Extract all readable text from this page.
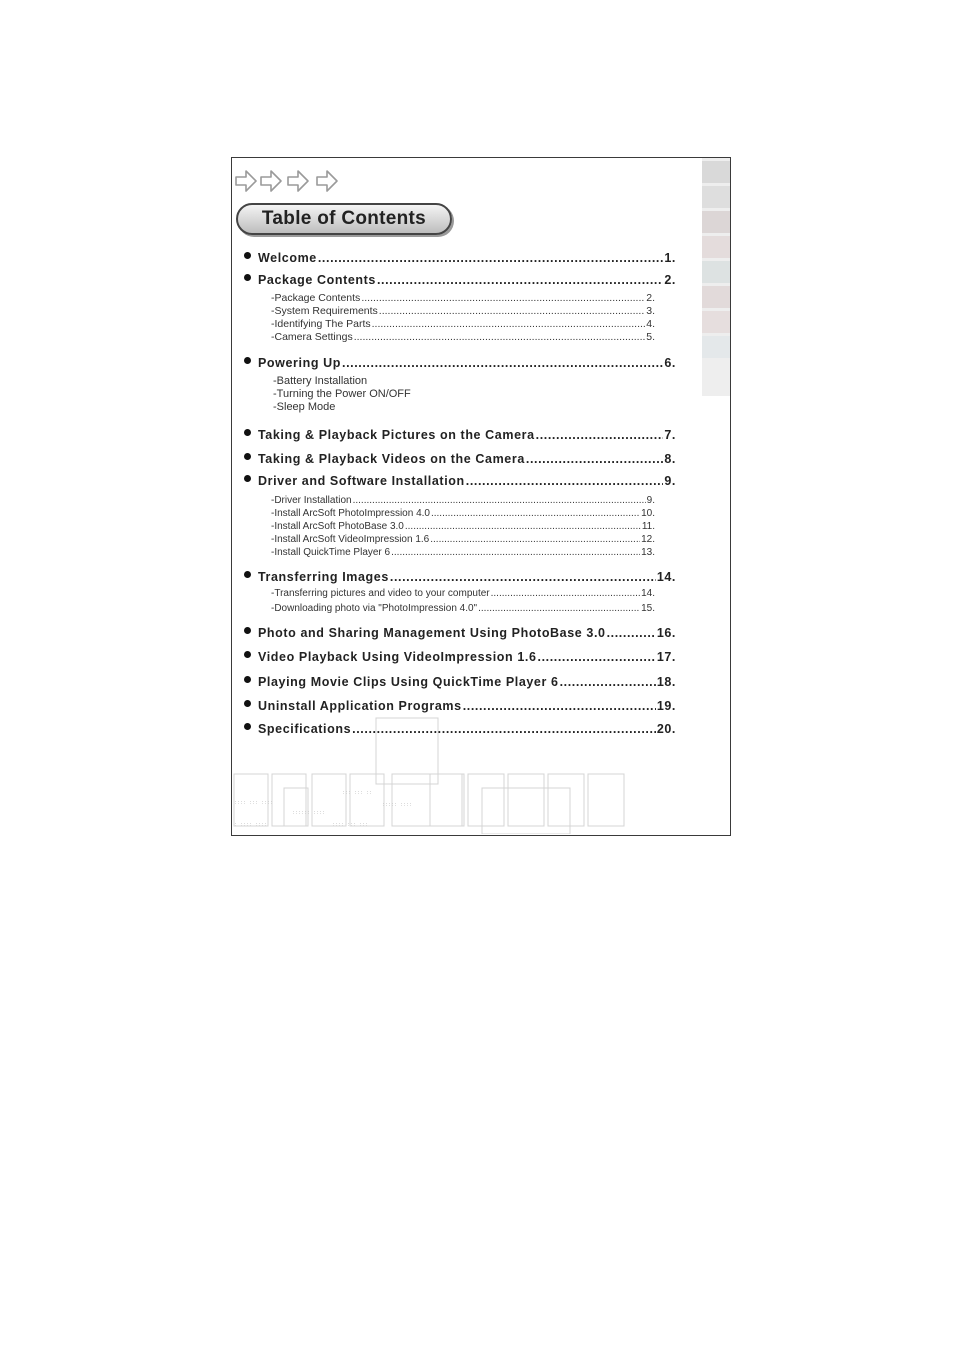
Table of Contents
:::: ::: ::::
: :::: ::::
:::::: ::::
::: ::: ::
::::: ::::
:::: ::: :::
Welcome .....	1.
Package Contents .....	2.
-Package Contents .....	2.
-System Requirements .....	3.
-Identifying The Parts .....	4.
-Camera Settings .....	5.
Powering Up .....	6.
-Battery Installation
-Turning the Power ON/OFF
-Sleep Mode
Taking & Playback Pictures on the Camera .....	7.
Taking & Playback Videos on the Camera .....	8.
Driver and Software Installation .....	9.
-Driver Installation .....	9.
-Install ArcSoft PhotoImpression 4.0 .....	10.
-Install ArcSoft PhotoBase 3.0 .....	11.
-Install ArcSoft VideoImpression 1.6 .....	12.
-Install QuickTime Player 6 .....	13.
Transferring Images .....	14.
-Transferring pictures and video to your computer .....	14.
-Downloading photo via "PhotoImpression 4.0" .....	15.
Photo and Sharing Management Using PhotoBase 3.0 .....	16.
Video Playback Using VideoImpression 1.6 .....	17.
Playing Movie Clips Using QuickTime Player 6 .....	18.
Uninstall Application Programs .....	19.
Specifications .....	20.
